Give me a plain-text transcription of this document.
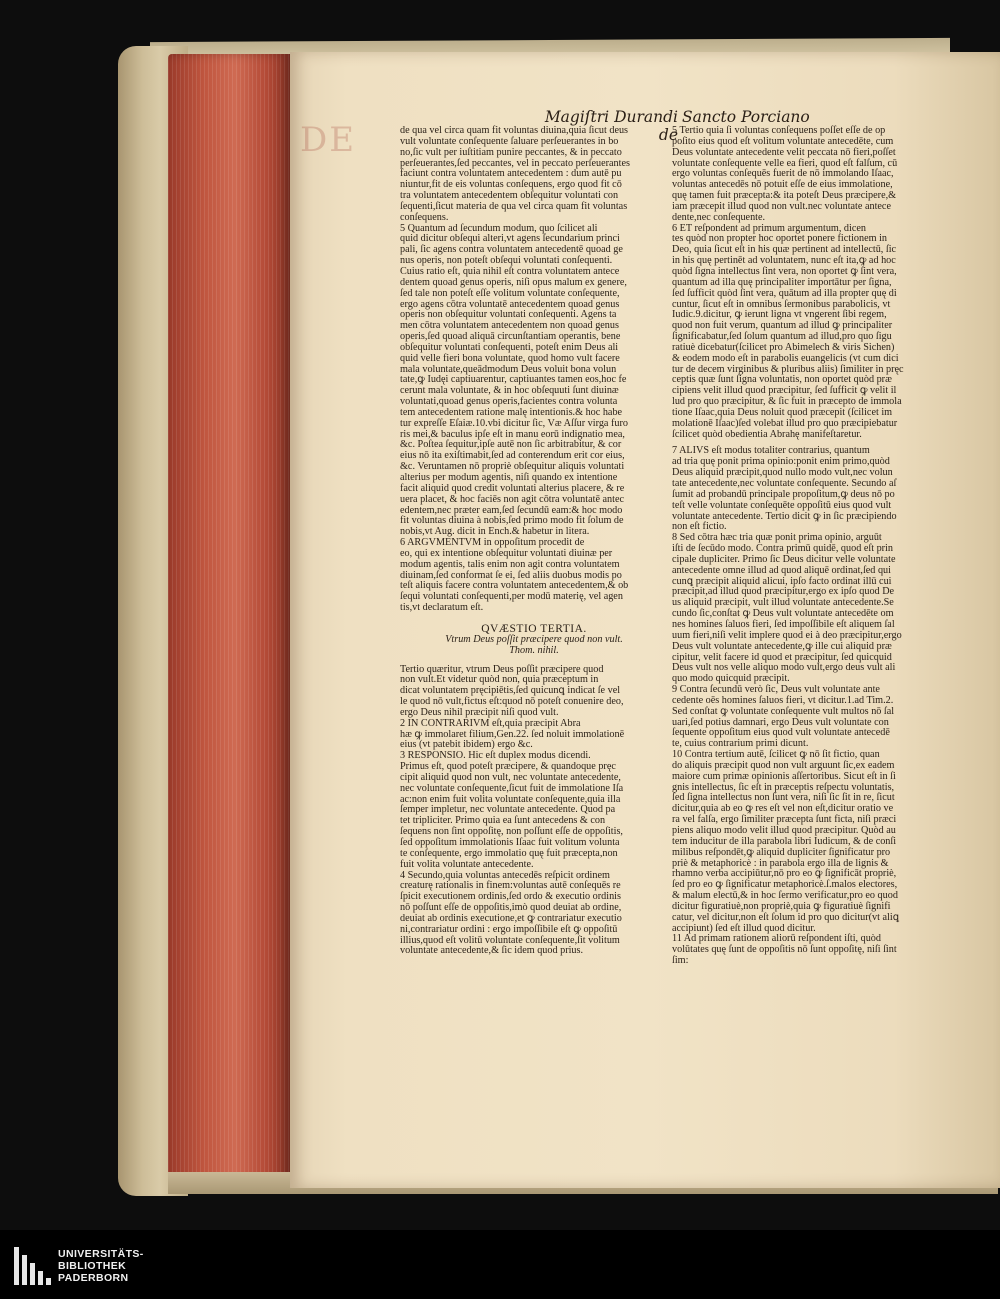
DE
Magiſtri Durandi de
Sancto Porciano

de qua vel circa quam fit voluntas diuina,quia ſicut deus

vult voluntate conſequente ſaluare perſeuerantes in bo

no,ſic vult per iuſtitiam punire peccantes, & in peccato

perſeuerantes,ſed peccantes, vel in peccato perſeuerantes

faciunt contra voluntatem antecedentem : dum autē pu

niuntur,fit de eis voluntas conſequens, ergo quod fit cō

tra voluntatem antecedentem obſequitur voluntati con

ſequenti,ſicut materia de qua vel circa quam fit voluntas

conſequens.

5 Quantum ad ſecundum modum, quo ſcilicet ali

quid dicitur obſequi alteri,vt agens ſecundarium princi

pali, ſic agens contra voluntatem antecedentē quoad ge

nus operis, non poteſt obſequi voluntati conſequenti.

Cuius ratio eſt, quia nihil eſt contra voluntatem antece

dentem quoad genus operis, niſi opus malum ex genere,

ſed tale non poteſt eſſe volitum voluntate conſequente,

ergo agens cōtra voluntatē antecedentem quoad genus

operis non obſequitur voluntati conſequenti. Agens ta

men cōtra voluntatem antecedentem non quoad genus

operis,ſed quoad aliquā circunſtantiam operantis, bene

obſequitur voluntati conſequenti, poteſt enim Deus ali

quid velle fieri bona voluntate, quod homo vult facere

mala voluntate,queādmodum Deus voluit bona volun

tate,ꝙ Iudęi captiuarentur, captiuantes tamen eos,hoc fe

cerunt mala voluntate, & in hoc obſequuti ſunt diuinæ

voluntati,quoad genus operis,facientes contra volunta

tem antecedentem ratione malę intentionis.& hoc habe

tur expreſſe Eſaiæ.10.vbi dicitur ſic, Væ Aſſur virga furo

ris mei,& baculus ipſe eſt in manu eorū indignatio mea,

&c. Poſtea ſequitur,ipſe autē non ſic arbitrabitur, & cor

eius nō ita exiſtimabit,ſed ad conterendum erit cor eius,

&c. Veruntamen nō propriè obſequitur aliquis voluntati

alterius per modum agentis, niſi quando ex intentione

facit aliquid quod credit voluntati alterius placere, & re

uera placet, & hoc faciēs non agit cōtra voluntatē antec

edentem,nec præter eam,ſed ſecundū eam:& hoc modo

fit voluntas diuina à nobis,ſed primo modo fit ſolum de

nobis,vt Aug. dicit in Ench.& habetur in litera.

6 ARGVMENTVM in oppoſitum procedit de

eo, qui ex intentione obſequitur voluntati diuinæ per

modum agentis, talis enim non agit contra voluntatem

diuinam,ſed conformat ſe ei, ſed aliis duobus modis po

teſt aliquis facere contra voluntatem antecedentem,& ob

ſequi voluntati conſequenti,per modū materię, vel agen

tis,vt declaratum eſt.

QVÆSTIO TERTIA.

Vtrum Deus poſſit præcipere quod non vult.

Thom. nihil.

Tertio quæritur, vtrum Deus poſſit præcipere quod

non vult.Et videtur quòd non, quia præceptum in

dicat voluntatem pręcipiētis,ſed quicunꝗ indicat ſe vel

le quod nō vult,fictus eſt:quod nō poteſt conuenire deo,

ergo Deus nihil præcipit niſi quod vult.

2 IN CONTRARIVM eſt,quia præcipit Abra

hæ ꝙ immolaret filium,Gen.22. ſed noluit immolationē

eius (vt patebit ibidem) ergo &c.

3 RESPONSIO. Hic eſt duplex modus dicendi.

Primus eſt, quod poteſt præcipere, & quandoque pręc

cipit aliquid quod non vult, nec voluntate antecedente,

nec voluntate conſequente,ſicut fuit de immolatione Iſa

ac:non enim fuit volita voluntate conſequente,quia illa

ſemper impletur, nec voluntate antecedente. Quod pa

tet tripliciter. Primo quia ea ſunt antecedens & con

ſequens non ſint oppoſitę, non poſſunt eſſe de oppoſitis,

ſed oppoſitum immolationis Iſaac fuit volitum volunta

te conſequente, ergo immolatio quę fuit præcepta,non

fuit volita voluntate antecedente.

4 Secundo,quia voluntas antecedēs reſpicit ordinem

creaturę rationalis in finem:voluntas autē conſequēs re

ſpicit executionem ordinis,ſed ordo & executio ordinis

nō poſſunt eſſe de oppoſitis,imò quod deuiat ab ordine,

deuiat ab ordinis executione,et ꝙ contrariatur executio

ni,contrariatur ordini : ergo impoſſibile eſt ꝙ oppoſitū

illius,quod eſt volitū voluntate conſequente,ſit volitum

voluntate antecedente,& ſic idem quod prius.

5 Tertio quia ſi voluntas conſequens poſſet eſſe de op

poſito eius quod eſt volitum voluntate antecedēte, cum

Deus voluntate antecedente velit peccata nō fieri,poſſet

voluntate conſequente velle ea fieri, quod eſt falſum, cū

ergo voluntas conſequēs fuerit de nō immolando Iſaac,

voluntas antecedēs nō potuit eſſe de eius immolatione,

quę tamen fuit præcepta:& ita poteſt Deus præcipere,&

iam præcepit illud quod non vult.nec voluntate antece

dente,nec conſequente.

6 ET reſpondent ad primum argumentum, dicen

tes quòd non propter hoc oportet ponere fictionem in

Deo, quia ſicut eſt in his quæ pertinent ad intellectū, ſic

in his quę pertinēt ad voluntatem, nunc eſt ita,ꝙ ad hoc

quòd ſigna intellectus ſint vera, non oportet ꝙ ſint vera,

quantum ad illa quę principaliter importātur per ſigna,

ſed ſufficit quòd ſint vera, quātum ad illa propter quę di

cuntur, ſicut eſt in omnibus ſermonibus parabolicis, vt

Iudic.9.dicitur, ꝙ ierunt ligna vt vngerent ſibi regem,

quod non fuit verum, quantum ad illud ꝙ principaliter

ſignificabatur,ſed ſolum quantum ad illud,pro quo ſigu

ratiuè dicebatur(ſcilicet pro Abimelech & viris Sichen)

& eodem modo eſt in parabolis euangelicis (vt cum dici

tur de decem virginibus & pluribus aliis) ſimiliter in pręc

ceptis quæ ſunt ſigna voluntatis, non oportet quòd præ

cipiens velit illud quod præcipitur, ſed ſufficit ꝙ velit il

lud pro quo præcipitur, & ſic fuit in præcepto de immola

tione Iſaac,quia Deus noluit quod præcepit (ſcilicet im

molationē Iſaac)ſed volebat illud pro quo præcipiebatur

ſcilicet quòd obedientia Abrahę manifeſtaretur.

7 ALIVS eſt modus totaliter contrarius, quantum

ad tria quę ponit prima opinio:ponit enim primo,quòd

Deus aliquid præcipit,quod nullo modo vult,nec volun

tate antecedente,nec voluntate conſequente. Secundo aſ

ſumit ad probandū principale propoſitum,ꝙ deus nō po

teſt velle voluntate conſequēte oppoſitū eius quod vult

voluntate antecedente. Tertio dicit ꝙ in ſic præcipiendo

non eſt fictio.

8 Sed cōtra hæc tria quæ ponit prima opinio, arguūt

iſti de ſecūdo modo. Contra primū quidē, quod eſt prin

cipale dupliciter. Primo ſic Deus dicitur velle voluntate

antecedente omne illud ad quod aliquē ordinat,ſed qui

cunꝗ præcipit aliquid alicui, ipſo facto ordinat illū cui

præcipit,ad illud quod præcipitur,ergo ex ipſo quod De

us aliquid præcipit, vult illud voluntate antecedente.Se

cundo ſic,conſtat ꝙ Deus vult voluntate antecedēte om

nes homines ſaluos fieri, ſed impoſſibile eſt aliquem ſal

uum fieri,niſi velit implere quod ei à deo præcipitur,ergo

Deus vult voluntate antecedente,ꝙ ille cui aliquid præ

cipitur, velit facere id quod et præcipitur, ſed quicquid

Deus vult nos velle aliquo modo vult,ergo deus vult ali

quo modo quicquid præcipit.

9 Contra ſecundū verò ſic, Deus vult voluntate ante

cedente oēs homines ſaluos fieri, vt dicitur.1.ad Tim.2.

Sed conſtat ꝙ voluntate conſequente vult multos nō ſal

uari,ſed potius damnari, ergo Deus vult voluntate con

ſequente oppoſitum eius quod vult voluntate antecedē

te, cuius contrarium primi dicunt.

10 Contra tertium autē, ſcilicet ꝙ nō ſit fictio, quan

do aliquis præcipit quod non vult arguunt ſic,ex eadem

maiore cum primæ opinionis aſſertoribus. Sicut eſt in ſi

gnis intellectus, ſic eſt in præceptis reſpectu voluntatis,

ſed ſigna intellectus non ſunt vera, niſi ſic ſit in re, ſicut

dicitur,quia ab eo ꝙ res eſt vel non eſt,dicitur oratio ve

ra vel falſa, ergo ſimiliter præcepta ſunt ficta, niſi præci

piens aliquo modo velit illud quod præcipitur. Quòd au

tem inducitur de illa parabola libri Iudicum, & de conſi

milibus reſpondēt,ꝙ aliquid dupliciter ſignificatur pro

priè & metaphoricè : in parabola ergo illa de lignis &

rhamno verba accipiūtur,nō pro eo ꝙ ſignificāt propriè,

ſed pro eo ꝙ ſignificatur metaphoricè.ſ.malos electores,

& malum electū,& in hoc ſermo verificatur,pro eo quod

dicitur figuratiuè,non propriè,quia ꝙ figuratiuè ſignifi

catur, vel dicitur,non eſt ſolum id pro quo dicitur(vt aliꝗ

accipiunt) ſed eſt illud quod dicitur.

11 Ad primam rationem aliorū reſpondent iſti, quòd

volūtates quę ſunt de oppoſitis nō ſunt oppoſitę, niſi ſint

ſim:

UNIVERSITÄTS-
BIBLIOTHEK
PADERBORN
